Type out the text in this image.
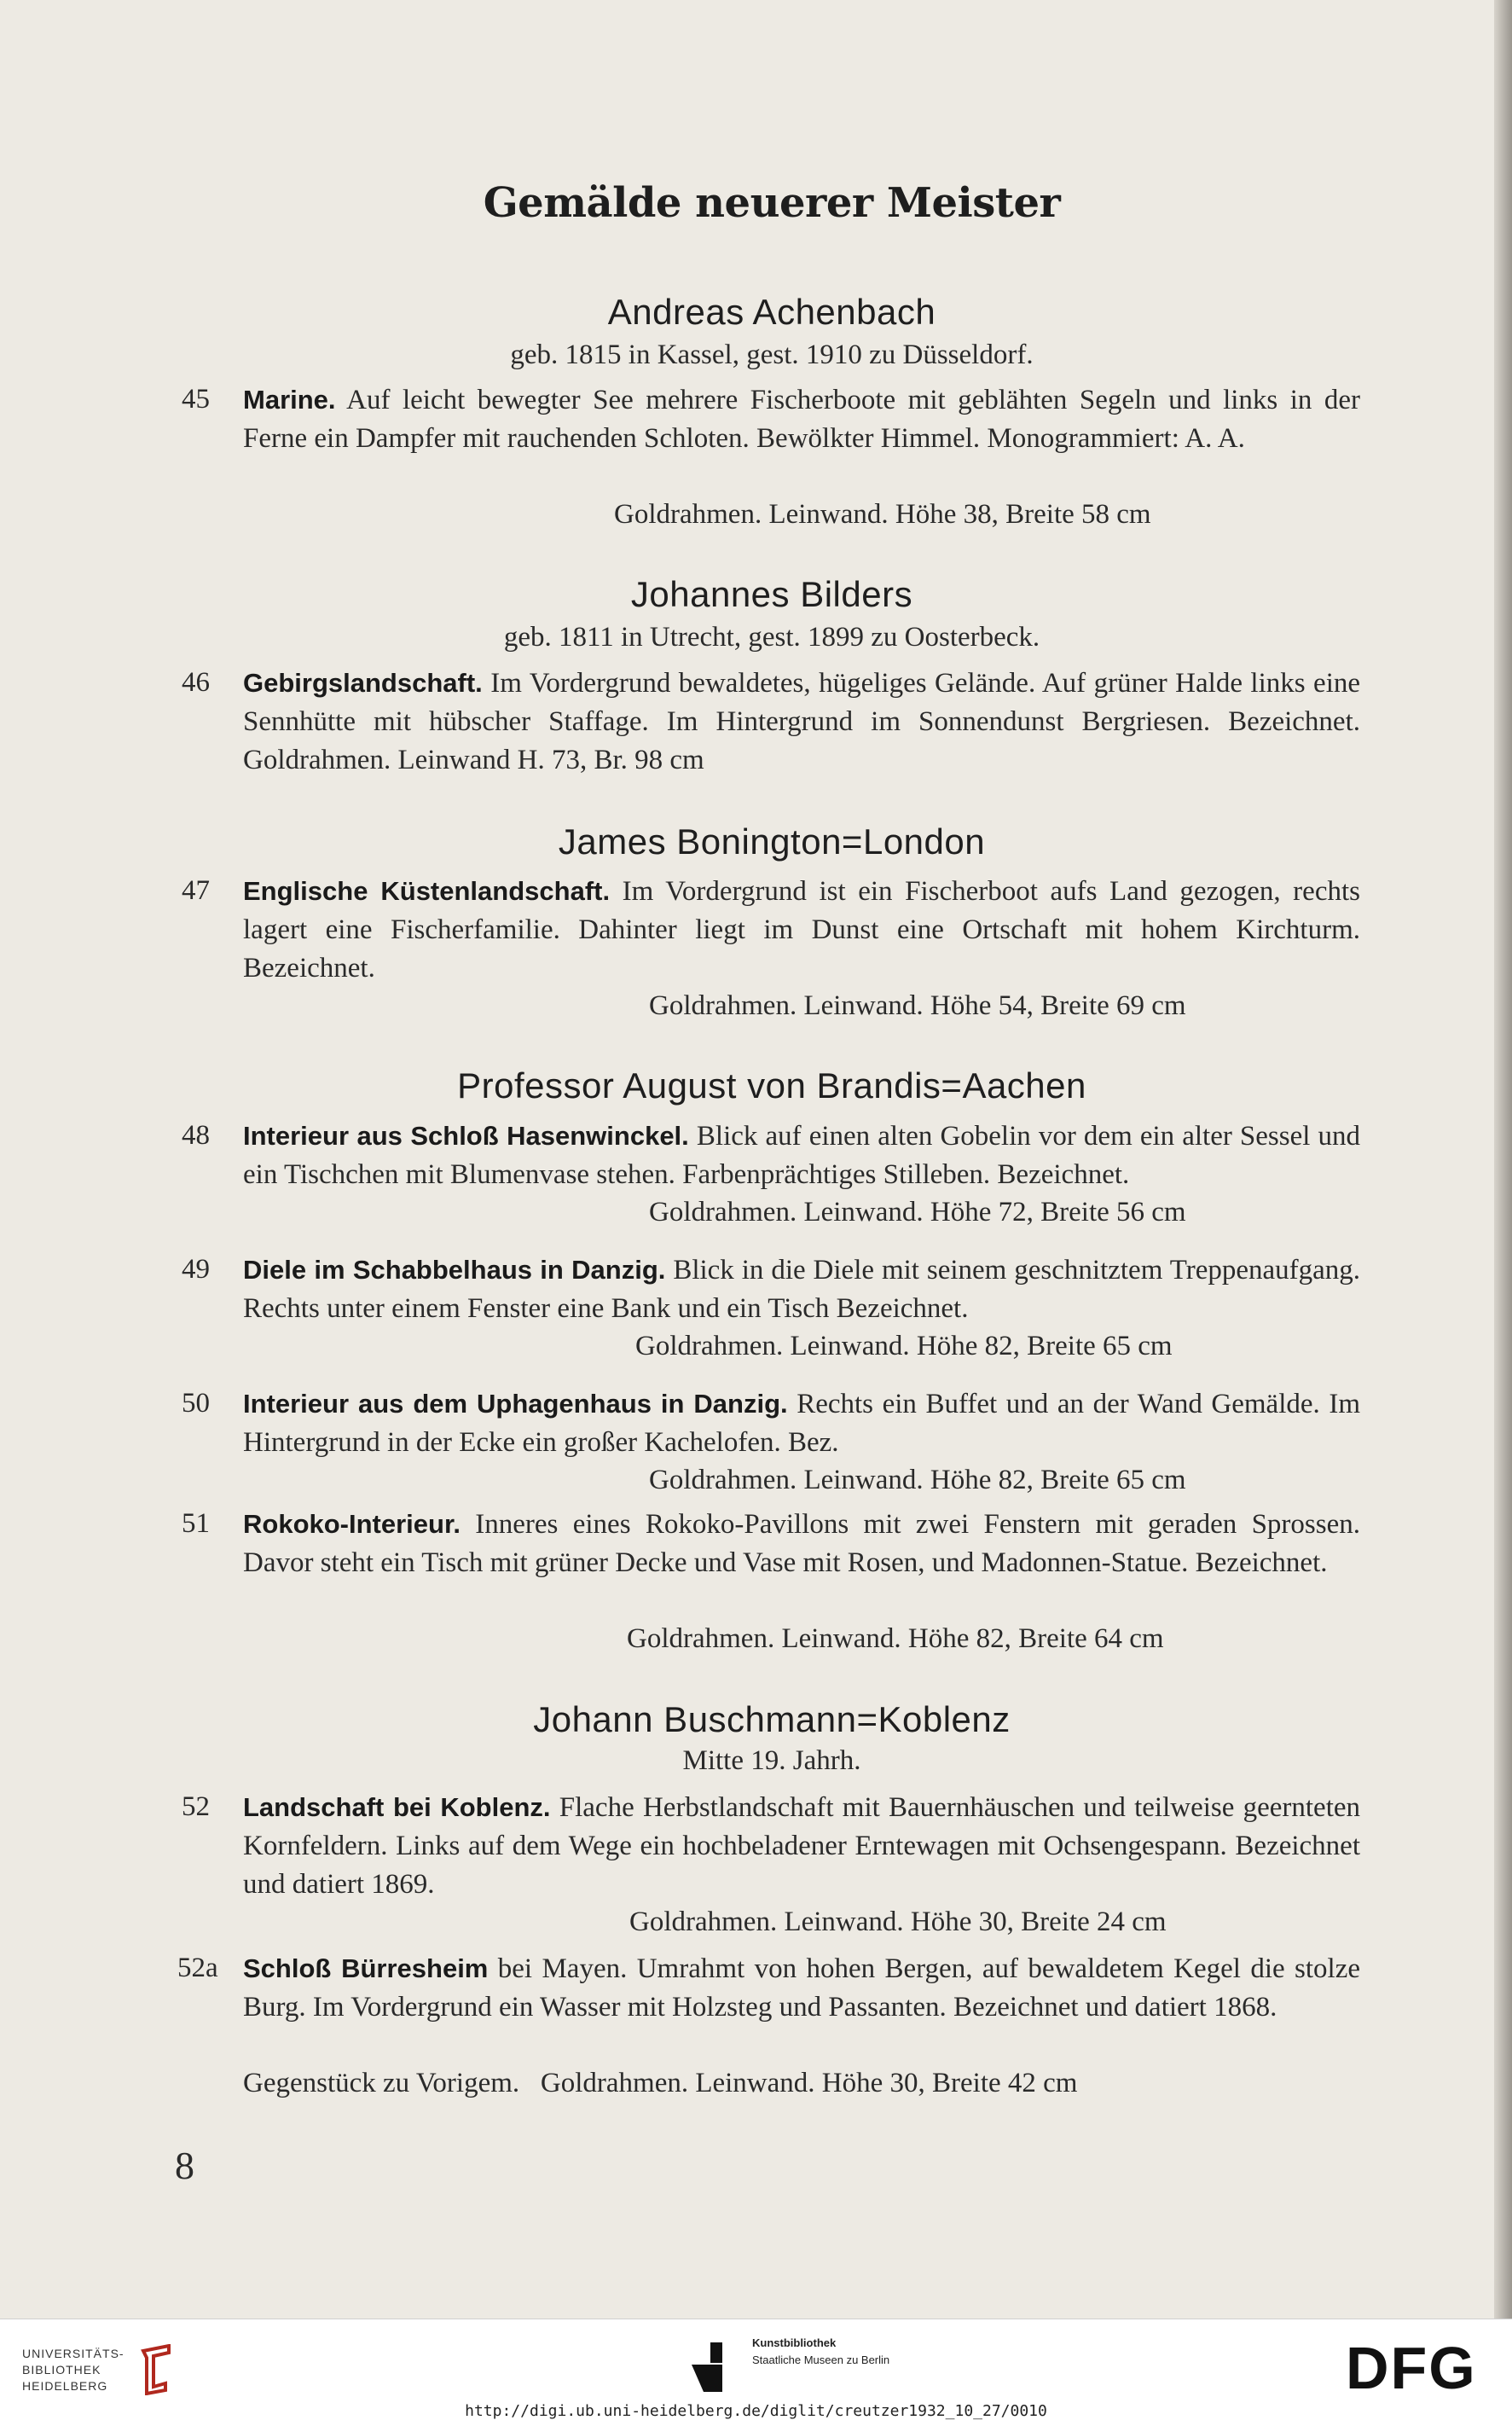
Gemälde neuerer Meister
Andreas Achenbach
geb. 1815 in Kassel, gest. 1910 zu Düsseldorf.
45 Marine. Auf leicht bewegter See mehrere Fischerboote mit geblähten Segeln und links in der Ferne ein Dampfer mit rauchenden Schloten. Bewölkter Himmel. Monogrammiert: A. A.
Goldrahmen. Leinwand. Höhe 38, Breite 58 cm
Johannes Bilders
geb. 1811 in Utrecht, gest. 1899 zu Oosterbeck.
46 Gebirgslandschaft. Im Vordergrund bewaldetes, hügeliges Gelände. Auf grüner Halde links eine Sennhütte mit hübscher Staffage. Im Hintergrund im Sonnendunst Bergriesen. Bezeichnet. Goldrahmen. Leinwand H. 73, Br. 98 cm
James Bonington=London
47 Englische Küstenlandschaft. Im Vordergrund ist ein Fischerboot aufs Land gezogen, rechts lagert eine Fischerfamilie. Dahinter liegt im Dunst eine Ortschaft mit hohem Kirchturm. Bezeichnet.
Goldrahmen. Leinwand. Höhe 54, Breite 69 cm
Professor August von Brandis=Aachen
48 Interieur aus Schloß Hasenwinckel. Blick auf einen alten Gobelin vor dem ein alter Sessel und ein Tischchen mit Blumenvase stehen. Farbenprächtiges Stilleben. Bezeichnet.
Goldrahmen. Leinwand. Höhe 72, Breite 56 cm
49 Diele im Schabbelhaus in Danzig. Blick in die Diele mit seinem geschnitztem Treppenaufgang. Rechts unter einem Fenster eine Bank und ein Tisch Bezeichnet.
Goldrahmen. Leinwand. Höhe 82, Breite 65 cm
50 Interieur aus dem Uphagenhaus in Danzig. Rechts ein Buffet und an der Wand Gemälde. Im Hintergrund in der Ecke ein großer Kachelofen. Bez.
Goldrahmen. Leinwand. Höhe 82, Breite 65 cm
51 Rokoko-Interieur. Inneres eines Rokoko-Pavillons mit zwei Fenstern mit geraden Sprossen. Davor steht ein Tisch mit grüner Decke und Vase mit Rosen, und Madonnen-Statue. Bezeichnet.
Goldrahmen. Leinwand. Höhe 82, Breite 64 cm
Johann Buschmann=Koblenz
Mitte 19. Jahrh.
52 Landschaft bei Koblenz. Flache Herbstlandschaft mit Bauernhäuschen und teilweise geernteten Kornfeldern. Links auf dem Wege ein hochbeladener Erntewagen mit Ochsengespann. Bezeichnet und datiert 1869.
Goldrahmen. Leinwand. Höhe 30, Breite 24 cm
52a Schloß Bürresheim bei Mayen. Umrahmt von hohen Bergen, auf bewaldetem Kegel die stolze Burg. Im Vordergrund ein Wasser mit Holzsteg und Passanten. Bezeichnet und datiert 1868.
Gegenstück zu Vorigem.   Goldrahmen. Leinwand. Höhe 30, Breite 42 cm
8
UNIVERSITÄTS-
BIBLIOTHEK
HEIDELBERG
Kunstbibliothek
Staatliche Museen zu Berlin	DFG
http://digi.ub.uni-heidelberg.de/diglit/creutzer1932_10_27/0010
